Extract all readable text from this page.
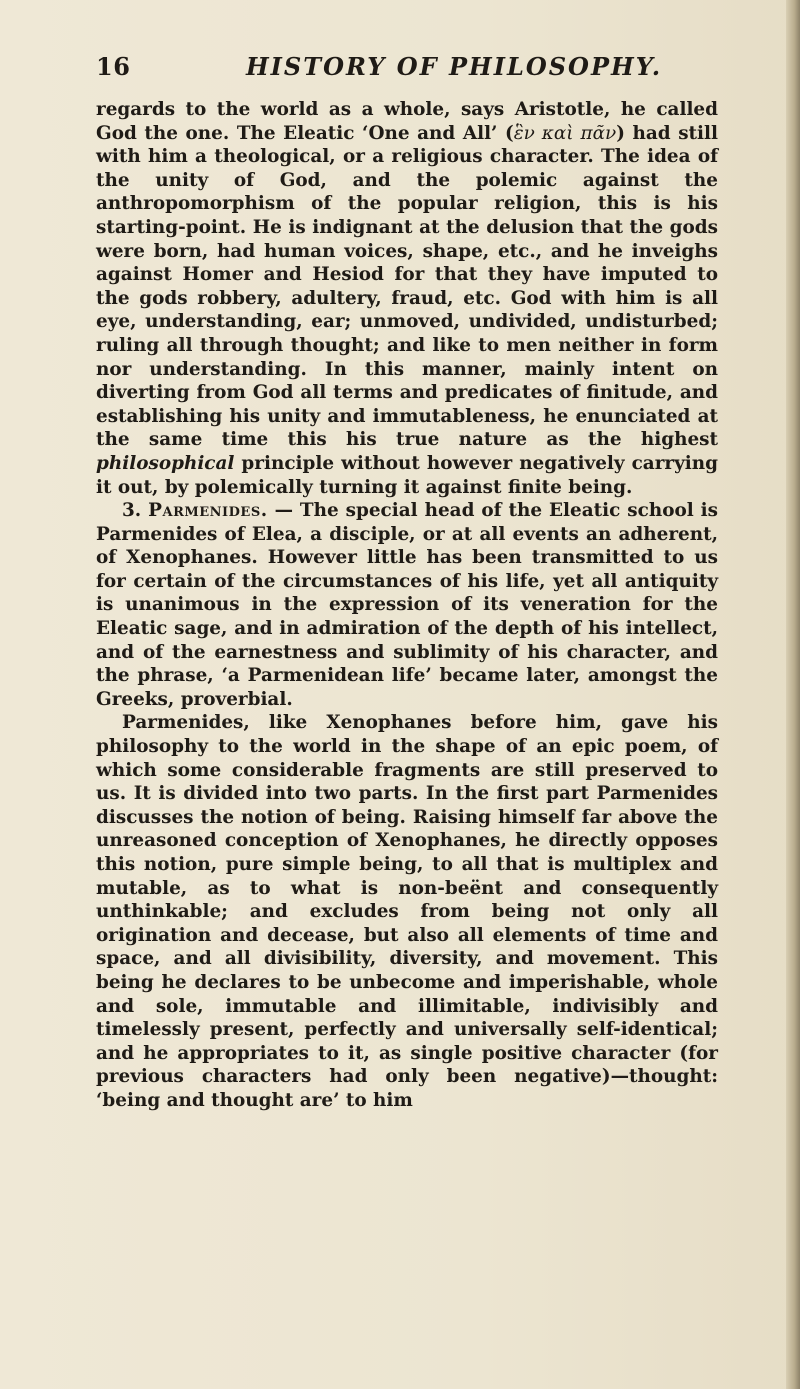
16	HISTORY OF PHILOSOPHY.

regards to the world as a whole, says Aristotle, he called God the one. The Eleatic ‘One and All’ (ἓν καὶ πᾶν) had still with him a theological, or a religious character. The idea of the unity of God, and the polemic against the anthropomorphism of the popular religion, this is his starting-point. He is indignant at the delusion that the gods were born, had human voices, shape, etc., and he inveighs against Homer and Hesiod for that they have imputed to the gods robbery, adultery, fraud, etc. God with him is all eye, understanding, ear; unmoved, undivided, undisturbed; ruling all through thought; and like to men neither in form nor understanding. In this manner, mainly intent on diverting from God all terms and predicates of finitude, and establishing his unity and immutableness, he enunciated at the same time this his true nature as the highest philosophical principle without however negatively carrying it out, by polemically turning it against finite being.

3. Parmenides. — The special head of the Eleatic school is Parmenides of Elea, a disciple, or at all events an adherent, of Xenophanes. However little has been transmitted to us for certain of the circumstances of his life, yet all antiquity is unanimous in the expression of its veneration for the Eleatic sage, and in admiration of the depth of his intellect, and of the earnestness and sublimity of his character, and the phrase, ‘a Parmenidean life’ became later, amongst the Greeks, proverbial.

Parmenides, like Xenophanes before him, gave his philosophy to the world in the shape of an epic poem, of which some considerable fragments are still preserved to us. It is divided into two parts. In the first part Parmenides discusses the notion of being. Raising himself far above the unreasoned conception of Xenophanes, he directly opposes this notion, pure simple being, to all that is multiplex and mutable, as to what is non-beënt and consequently unthinkable; and excludes from being not only all origination and decease, but also all elements of time and space, and all divisibility, diversity, and movement. This being he declares to be unbecome and imperishable, whole and sole, immutable and illimitable, indivisibly and timelessly present, perfectly and universally self-identical; and he appropriates to it, as single positive character (for previous characters had only been negative)—thought: ‘being and thought are’ to him
